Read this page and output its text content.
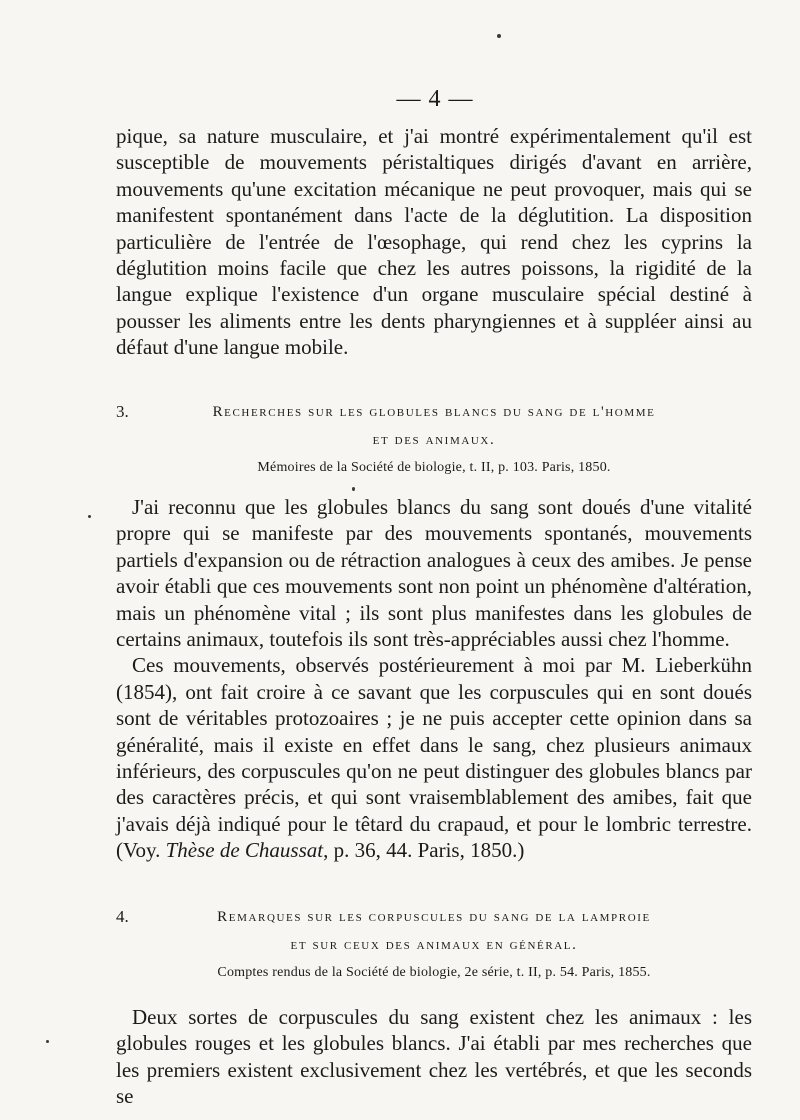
— 4 —

pique, sa nature musculaire, et j'ai montré expérimentalement qu'il est susceptible de mouvements péristaltiques dirigés d'avant en arrière, mouvements qu'une excitation mécanique ne peut provoquer, mais qui se manifestent spontanément dans l'acte de la déglutition. La disposition particulière de l'entrée de l'œsophage, qui rend chez les cyprins la déglutition moins facile que chez les autres poissons, la rigidité de la langue explique l'existence d'un organe musculaire spécial destiné à pousser les aliments entre les dents pharyngiennes et à suppléer ainsi au défaut d'une langue mobile.

3.	Recherches sur les globules blancs du sang de l'homme
et des animaux.
Mémoires de la Société de biologie, t. II, p. 103. Paris, 1850.

J'ai reconnu que les globules blancs du sang sont doués d'une vitalité propre qui se manifeste par des mouvements spontanés, mouvements partiels d'expansion ou de rétraction analogues à ceux des amibes. Je pense avoir établi que ces mouvements sont non point un phénomène d'altération, mais un phénomène vital ; ils sont plus manifestes dans les globules de certains animaux, toutefois ils sont très-appréciables aussi chez l'homme.

Ces mouvements, observés postérieurement à moi par M. Lieberkühn (1854), ont fait croire à ce savant que les corpuscules qui en sont doués sont de véritables protozoaires ; je ne puis accepter cette opinion dans sa généralité, mais il existe en effet dans le sang, chez plusieurs animaux inférieurs, des corpuscules qu'on ne peut distinguer des globules blancs par des caractères précis, et qui sont vraisemblablement des amibes, fait que j'avais déjà indiqué pour le têtard du crapaud, et pour le lombric terrestre. (Voy. Thèse de Chaussat, p. 36, 44. Paris, 1850.)

4.	Remarques sur les corpuscules du sang de la lamproie
et sur ceux des animaux en général.
Comptes rendus de la Société de biologie, 2e série, t. II, p. 54. Paris, 1855.

Deux sortes de corpuscules du sang existent chez les animaux : les globules rouges et les globules blancs. J'ai établi par mes recherches que les premiers existent exclusivement chez les vertébrés, et que les seconds se
